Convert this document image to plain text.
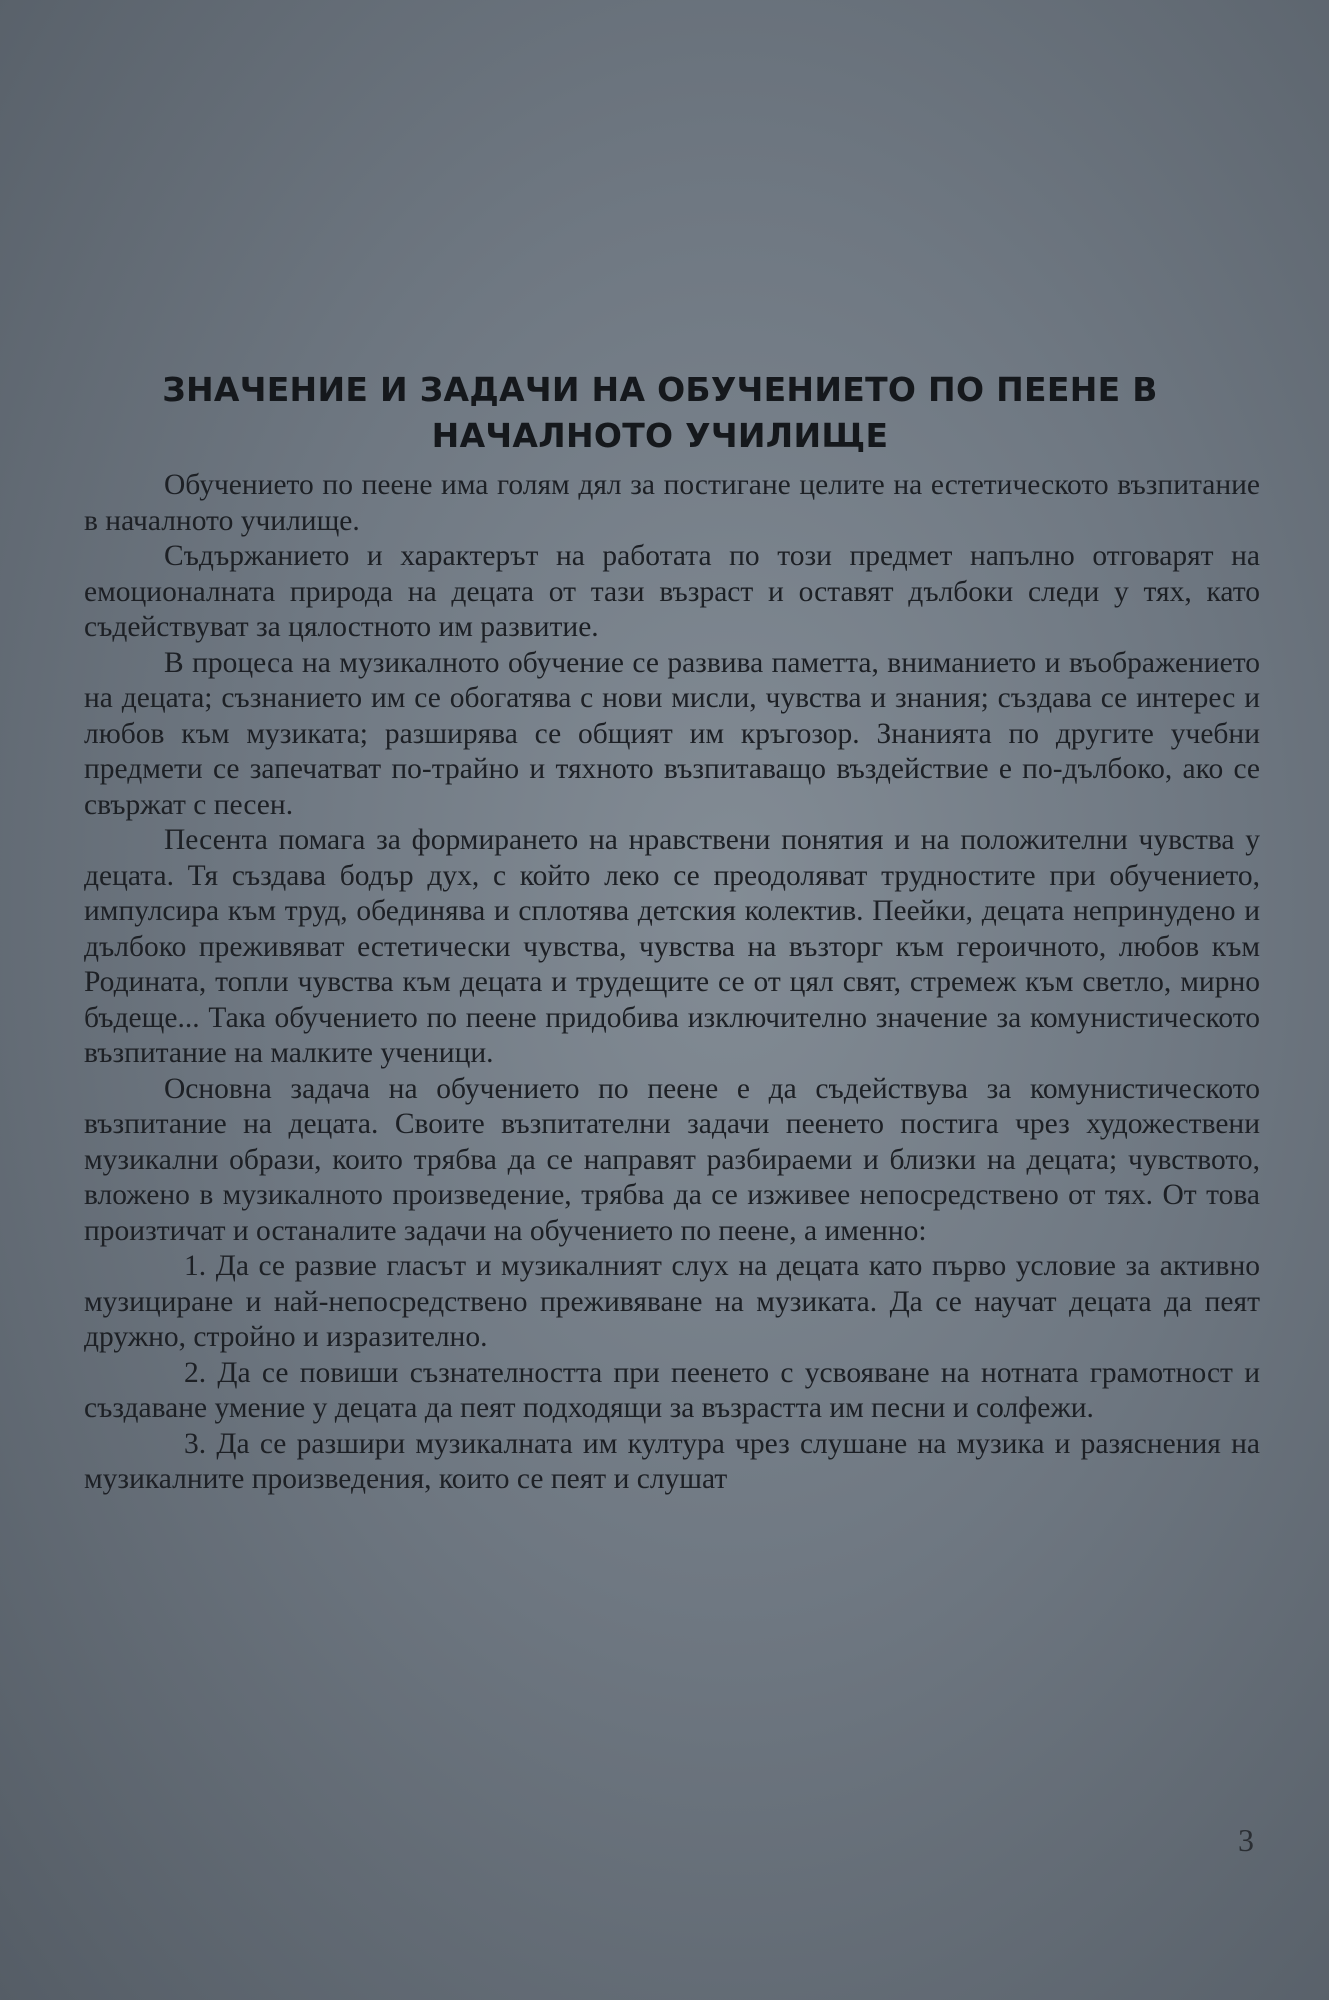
ЗНАЧЕНИЕ И ЗАДАЧИ НА ОБУЧЕНИЕТО ПО ПЕЕНЕ В НАЧАЛНОТО УЧИЛИЩЕ

Обучението по пеене има голям дял за постигане целите на естетическото възпитание в началното училище.

Съдържанието и характерът на работата по този предмет напълно отговарят на емоционалната природа на децата от тази възраст и оставят дълбоки следи у тях, като съдействуват за цялостното им развитие.

В процеса на музикалното обучение се развива паметта, вниманието и въображението на децата; съзнанието им се обогатява с нови мисли, чувства и знания; създава се интерес и любов към музиката; разширява се общият им кръгозор. Знанията по другите учебни предмети се запечатват по-трайно и тяхното възпитаващо въздействие е по-дълбоко, ако се свържат с песен.

Песента помага за формирането на нравствени понятия и на положителни чувства у децата. Тя създава бодър дух, с който леко се преодоляват трудностите при обучението, импулсира към труд, обединява и сплотява детския колектив. Пеейки, децата непринудено и дълбоко преживяват естетически чувства, чувства на възторг към героичното, любов към Родината, топли чувства към децата и трудещите се от цял свят, стремеж към светло, мирно бъдеще... Така обучението по пеене придобива изключително значение за комунистическото възпитание на малките ученици.

Основна задача на обучението по пеене е да съдействува за комунистическото възпитание на децата. Своите възпитателни задачи пеенето постига чрез художествени музикални образи, които трябва да се направят разбираеми и близки на децата; чувството, вложено в музикалното произведение, трябва да се изживее непосредствено от тях. От това произтичат и останалите задачи на обучението по пеене, а именно:

1. Да се развие гласът и музикалният слух на децата като първо условие за активно музициране и най-непосредствено преживяване на музиката. Да се научат децата да пеят дружно, стройно и изразително.

2. Да се повиши съзнателността при пеенето с усвояване на нотната грамотност и създаване умение у децата да пеят подходящи за възрастта им песни и солфежи.

3. Да се разшири музикалната им култура чрез слушане на музика и разяснения на музикалните произведения, които се пеят и слушат

3
